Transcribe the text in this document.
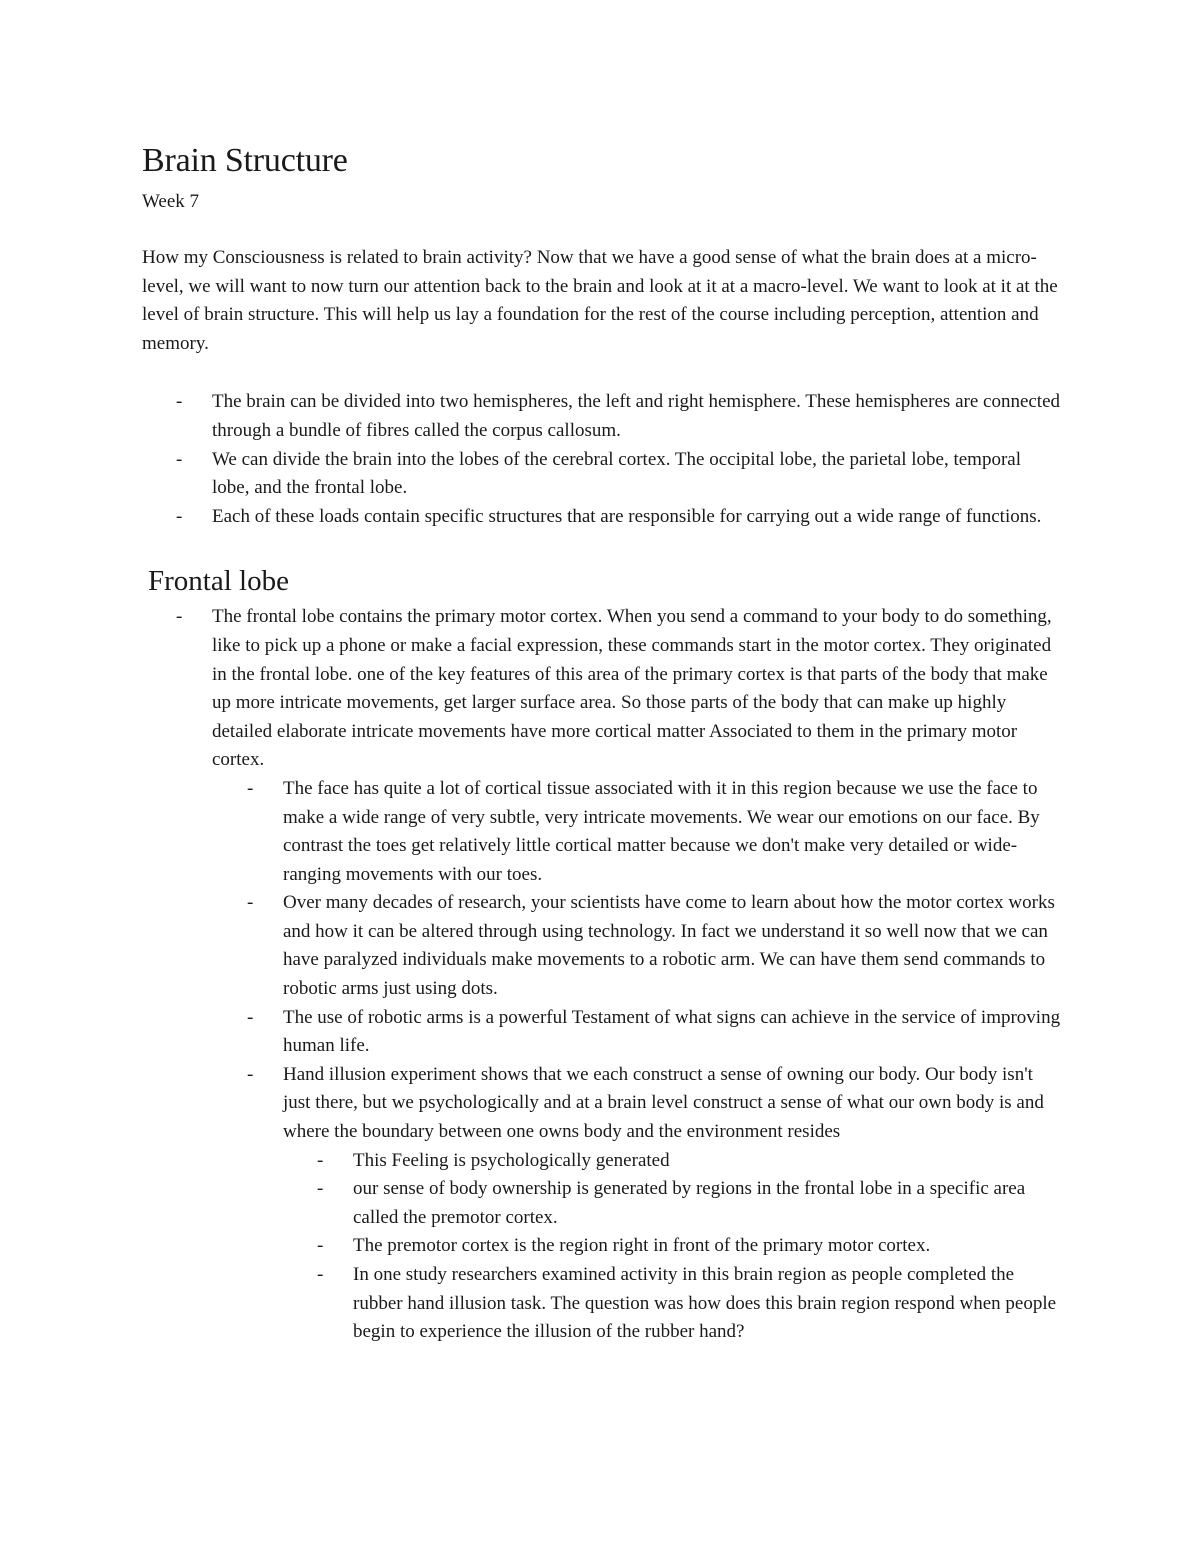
Brain Structure
Week 7

How my Consciousness is related to brain activity? Now that we have a good sense of what the brain does at a micro-level, we will want to now turn our attention back to the brain and look at it at a macro-level. We want to look at it at the level of brain structure. This will help us lay a foundation for the rest of the course including perception, attention and memory.

-	The brain can be divided into two hemispheres, the left and right hemisphere. These hemispheres are connected through a bundle of fibres called the corpus callosum.
-	We can divide the brain into the lobes of the cerebral cortex. The occipital lobe, the parietal lobe, temporal lobe, and the frontal lobe.
-	Each of these loads contain specific structures that are responsible for carrying out a wide range of functions.
Frontal lobe
-	The frontal lobe contains the primary motor cortex. When you send a command to your body to do something, like to pick up a phone or make a facial expression, these commands start in the motor cortex. They originated in the frontal lobe. one of the key features of this area of the primary cortex is that parts of the body that make up more intricate movements, get larger surface area. So those parts of the body that can make up highly detailed elaborate intricate movements have more cortical matter Associated to them in the primary motor cortex.
-	The face has quite a lot of cortical tissue associated with it in this region because we use the face to make a wide range of very subtle, very intricate movements. We wear our emotions on our face. By contrast the toes get relatively little cortical matter because we don't make very detailed or wide-ranging movements with our toes.
-	Over many decades of research, your scientists have come to learn about how the motor cortex works and how it can be altered through using technology. In fact we understand it so well now that we can have paralyzed individuals make movements to a robotic arm. We can have them send commands to robotic arms just using dots.
-	The use of robotic arms is a powerful Testament of what signs can achieve in the service of improving human life.
-	Hand illusion experiment shows that we each construct a sense of owning our body. Our body isn't just there, but we psychologically and at a brain level construct a sense of what our own body is and where the boundary between one owns body and the environment resides
-	This Feeling is psychologically generated
-	our sense of body ownership is generated by regions in the frontal lobe in a specific area called the premotor cortex.
-	The premotor cortex is the region right in front of the primary motor cortex.
-	In one study researchers examined activity in this brain region as people completed the rubber hand illusion task. The question was how does this brain region respond when people begin to experience the illusion of the rubber hand?
